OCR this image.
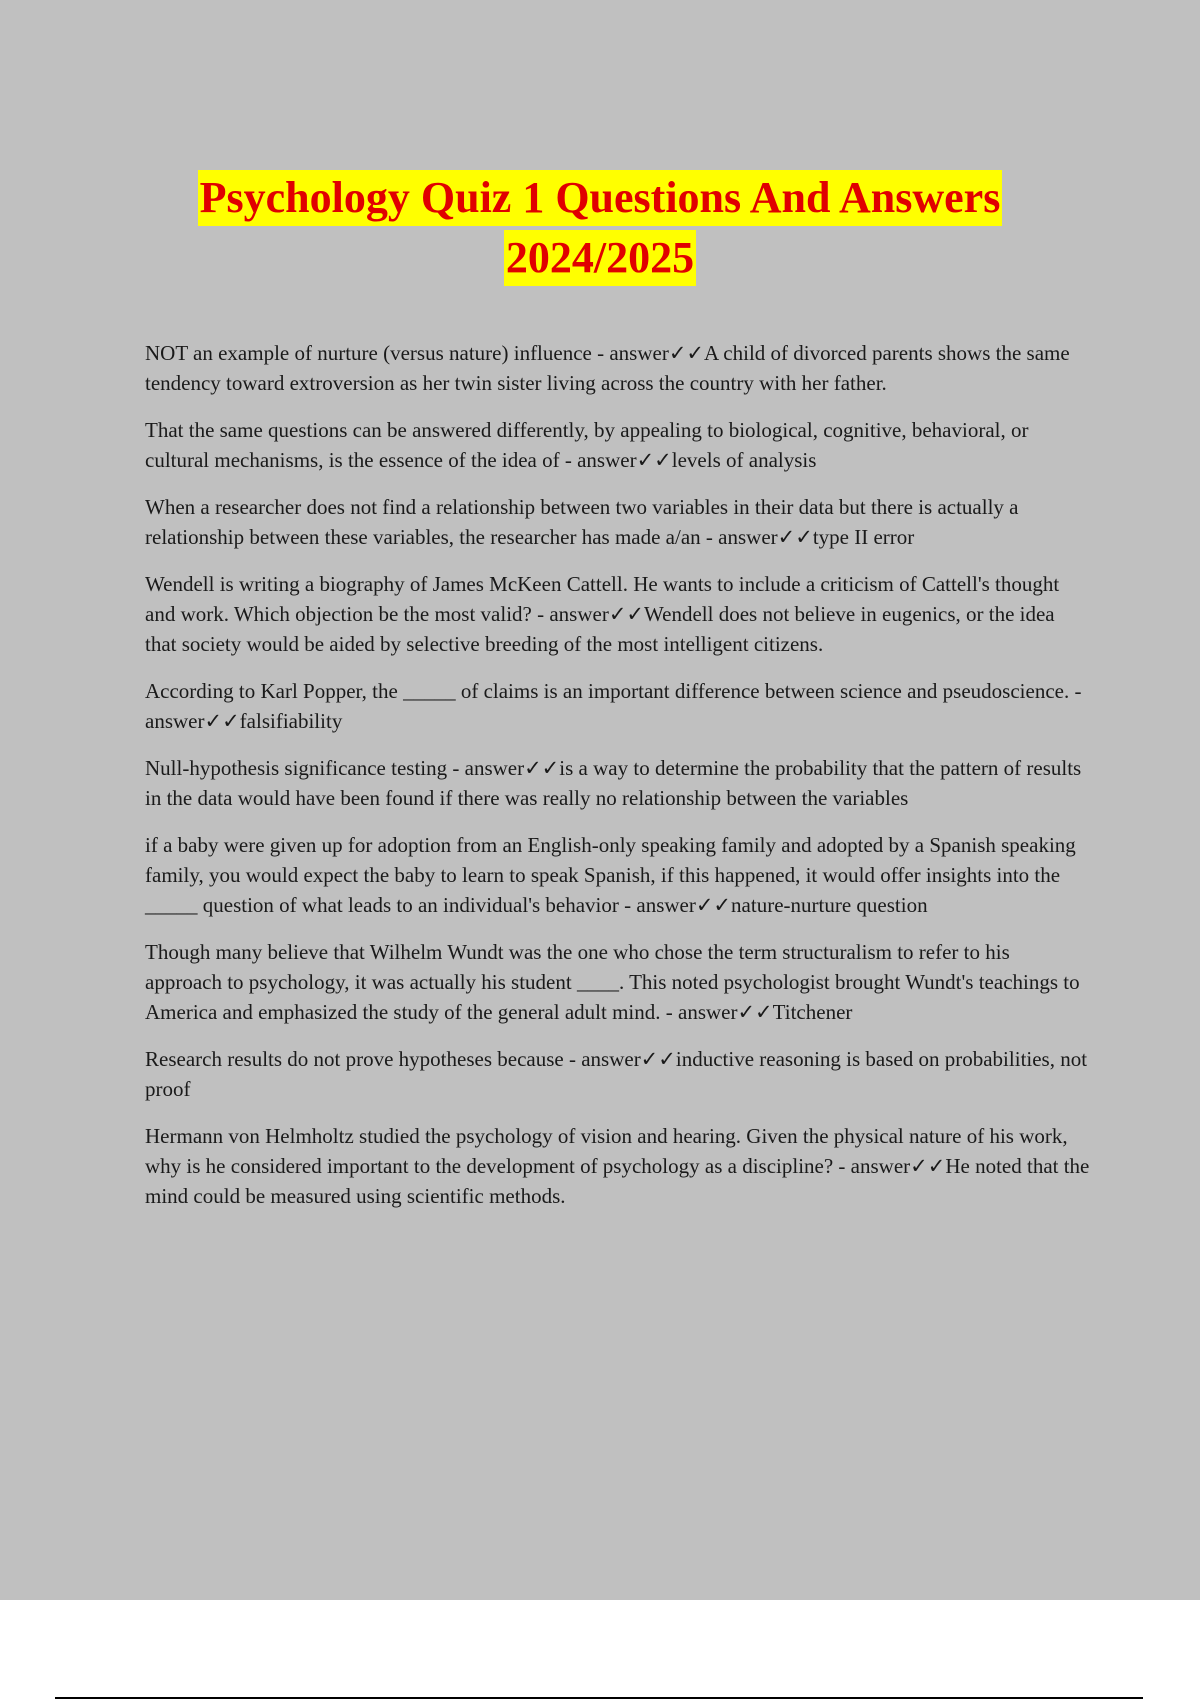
Psychology Quiz 1 Questions And Answers
2024/2025

NOT an example of nurture (versus nature) influence - answer✓✓A child of divorced parents shows the same tendency toward extroversion as her twin sister living across the country with her father.

That the same questions can be answered differently, by appealing to biological, cognitive, behavioral, or cultural mechanisms, is the essence of the idea of - answer✓✓levels of analysis

When a researcher does not find a relationship between two variables in their data but there is actually a relationship between these variables, the researcher has made a/an - answer✓✓type II error

Wendell is writing a biography of James McKeen Cattell. He wants to include a criticism of Cattell's thought and work. Which objection be the most valid? - answer✓✓Wendell does not believe in eugenics, or the idea that society would be aided by selective breeding of the most intelligent citizens.

According to Karl Popper, the _____ of claims is an important difference between science and pseudoscience. - answer✓✓falsifiability

Null-hypothesis significance testing - answer✓✓is a way to determine the probability that the pattern of results in the data would have been found if there was really no relationship between the variables

if a baby were given up for adoption from an English-only speaking family and adopted by a Spanish speaking family, you would expect the baby to learn to speak Spanish, if this happened, it would offer insights into the _____ question of what leads to an individual's behavior - answer✓✓nature-nurture question

Though many believe that Wilhelm Wundt was the one who chose the term structuralism to refer to his approach to psychology, it was actually his student ____. This noted psychologist brought Wundt's teachings to America and emphasized the study of the general adult mind. - answer✓✓Titchener

Research results do not prove hypotheses because - answer✓✓inductive reasoning is based on probabilities, not proof

Hermann von Helmholtz studied the psychology of vision and hearing. Given the physical nature of his work, why is he considered important to the development of psychology as a discipline? - answer✓✓He noted that the mind could be measured using scientific methods.
